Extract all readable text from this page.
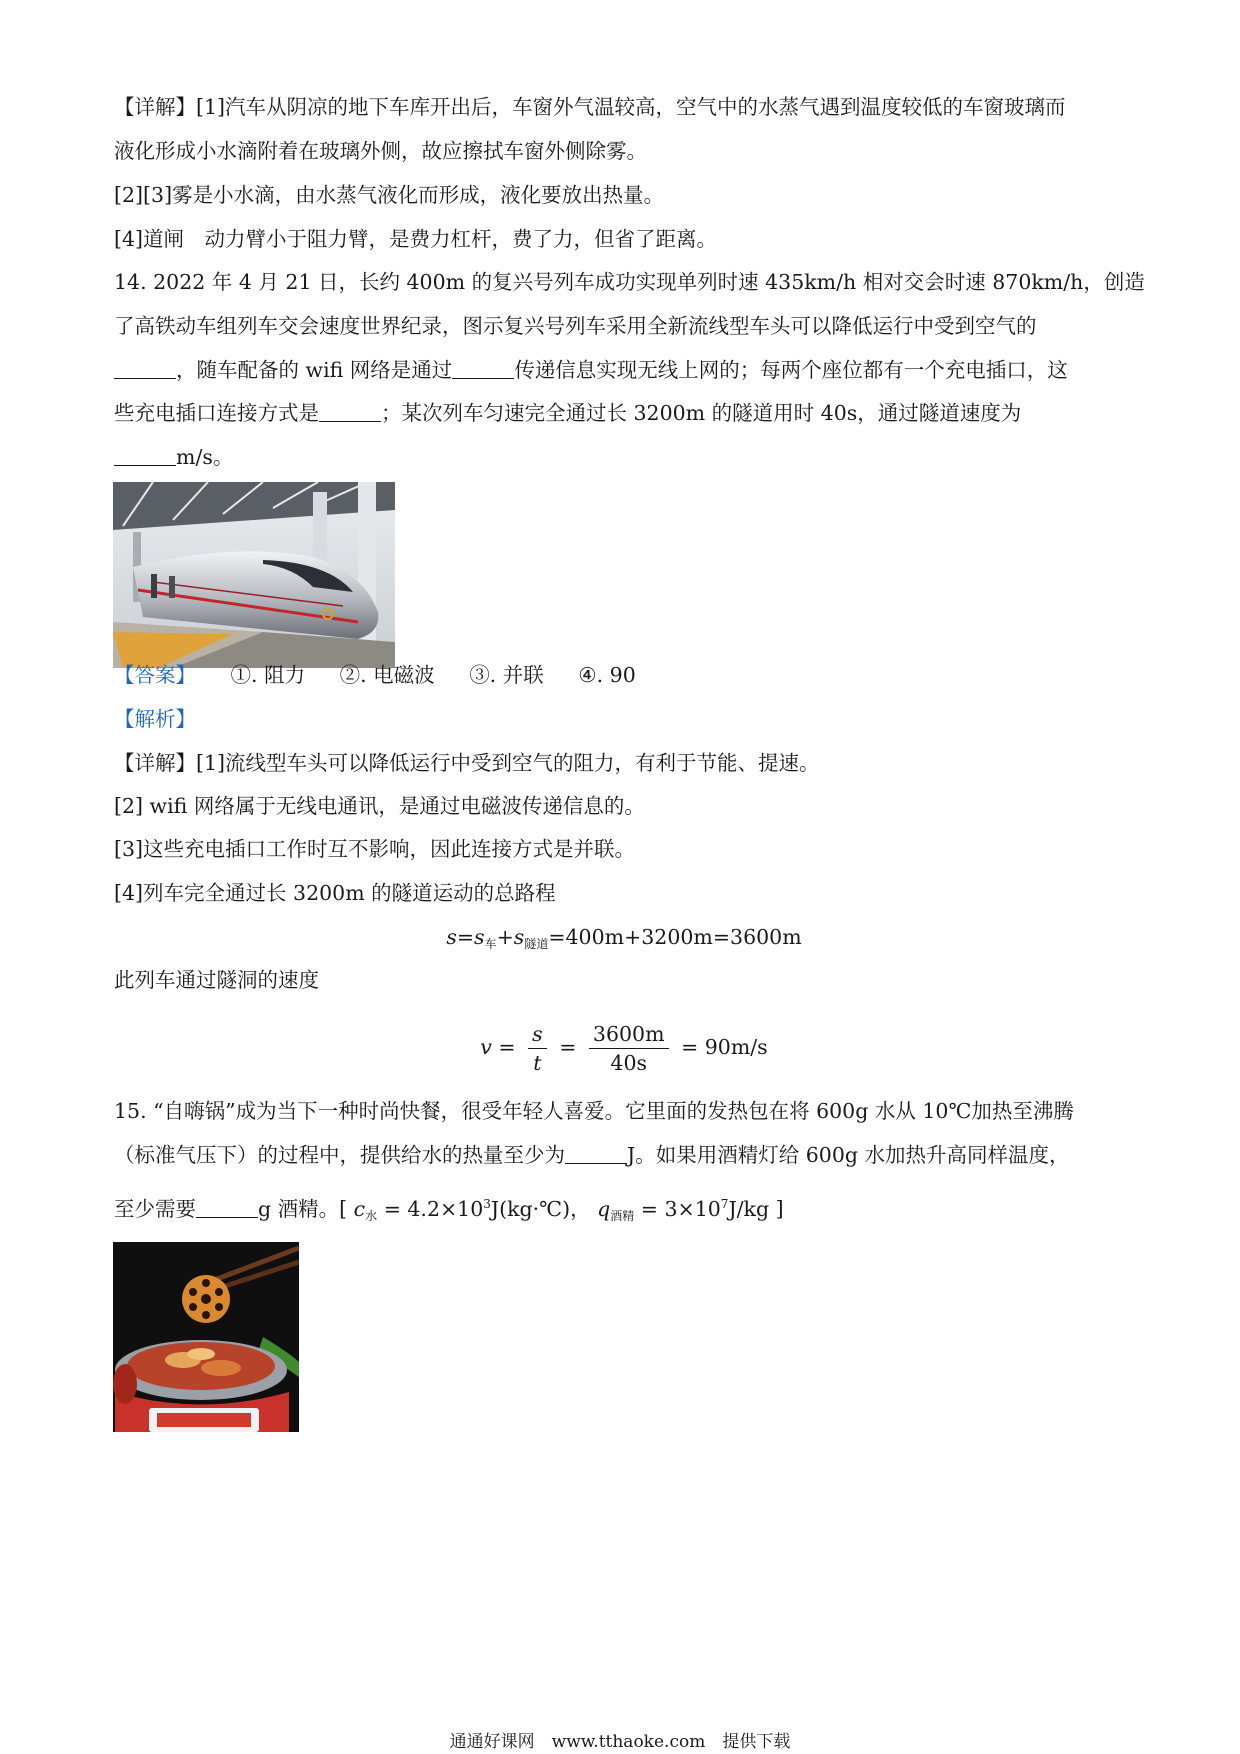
【详解】[1]汽车从阴凉的地下车库开出后，车窗外气温较高，空气中的水蒸气遇到温度较低的车窗玻璃而
液化形成小水滴附着在玻璃外侧，故应擦拭车窗外侧除雾。
[2][3]雾是小水滴，由水蒸气液化而形成，液化要放出热量。
[4]道闸　动力臂小于阻力臂，是费力杠杆，费了力，但省了距离。
14. 2022 年 4 月 21 日，长约 400m 的复兴号列车成功实现单列时速 435km/h 相对交会时速 870km/h，创造
了高铁动车组列车交会速度世界纪录，图示复兴号列车采用全新流线型车头可以降低运行中受到空气的
，随车配备的 wifi 网络是通过	传递信息实现无线上网的；每两个座位都有一个充电插口，这
些充电插口连接方式是	；某次列车匀速完全通过长 3200m 的隧道用时 40s，通过隧道速度为
m/s。
【答案】 ①. 阻力 ②. 电磁波 ③. 并联 ④. 90
【解析】
【详解】[1]流线型车头可以降低运行中受到空气的阻力，有利于节能、提速。
[2] wifi 网络属于无线电通讯，是通过电磁波传递信息的。
[3]这些充电插口工作时互不影响，因此连接方式是并联。
[4]列车完全通过长 3200m 的隧道运动的总路程
$s=s_车+s_{隧道}=400m+3200m=3600m$
此列车通过隧洞的速度
$v = \frac{s}{t} = \frac{3600m}{40s} = 90m/s$
15. “自嗨锅”成为当下一种时尚快餐，很受年轻人喜爱。它里面的发热包在将 600g 水从 10℃加热至沸腾
（标准气压下）的过程中，提供给水的热量至少为	J。如果用酒精灯给 600g 水加热升高同样温度，
至少需要	g 酒精。[ $c_水$ = $4.2\times 10^3J(kg\cdot℃)$， $q_{酒精} = 3\times 10^7J/kg$ ]
通通好课网　www.tthaoke.com　提供下载
